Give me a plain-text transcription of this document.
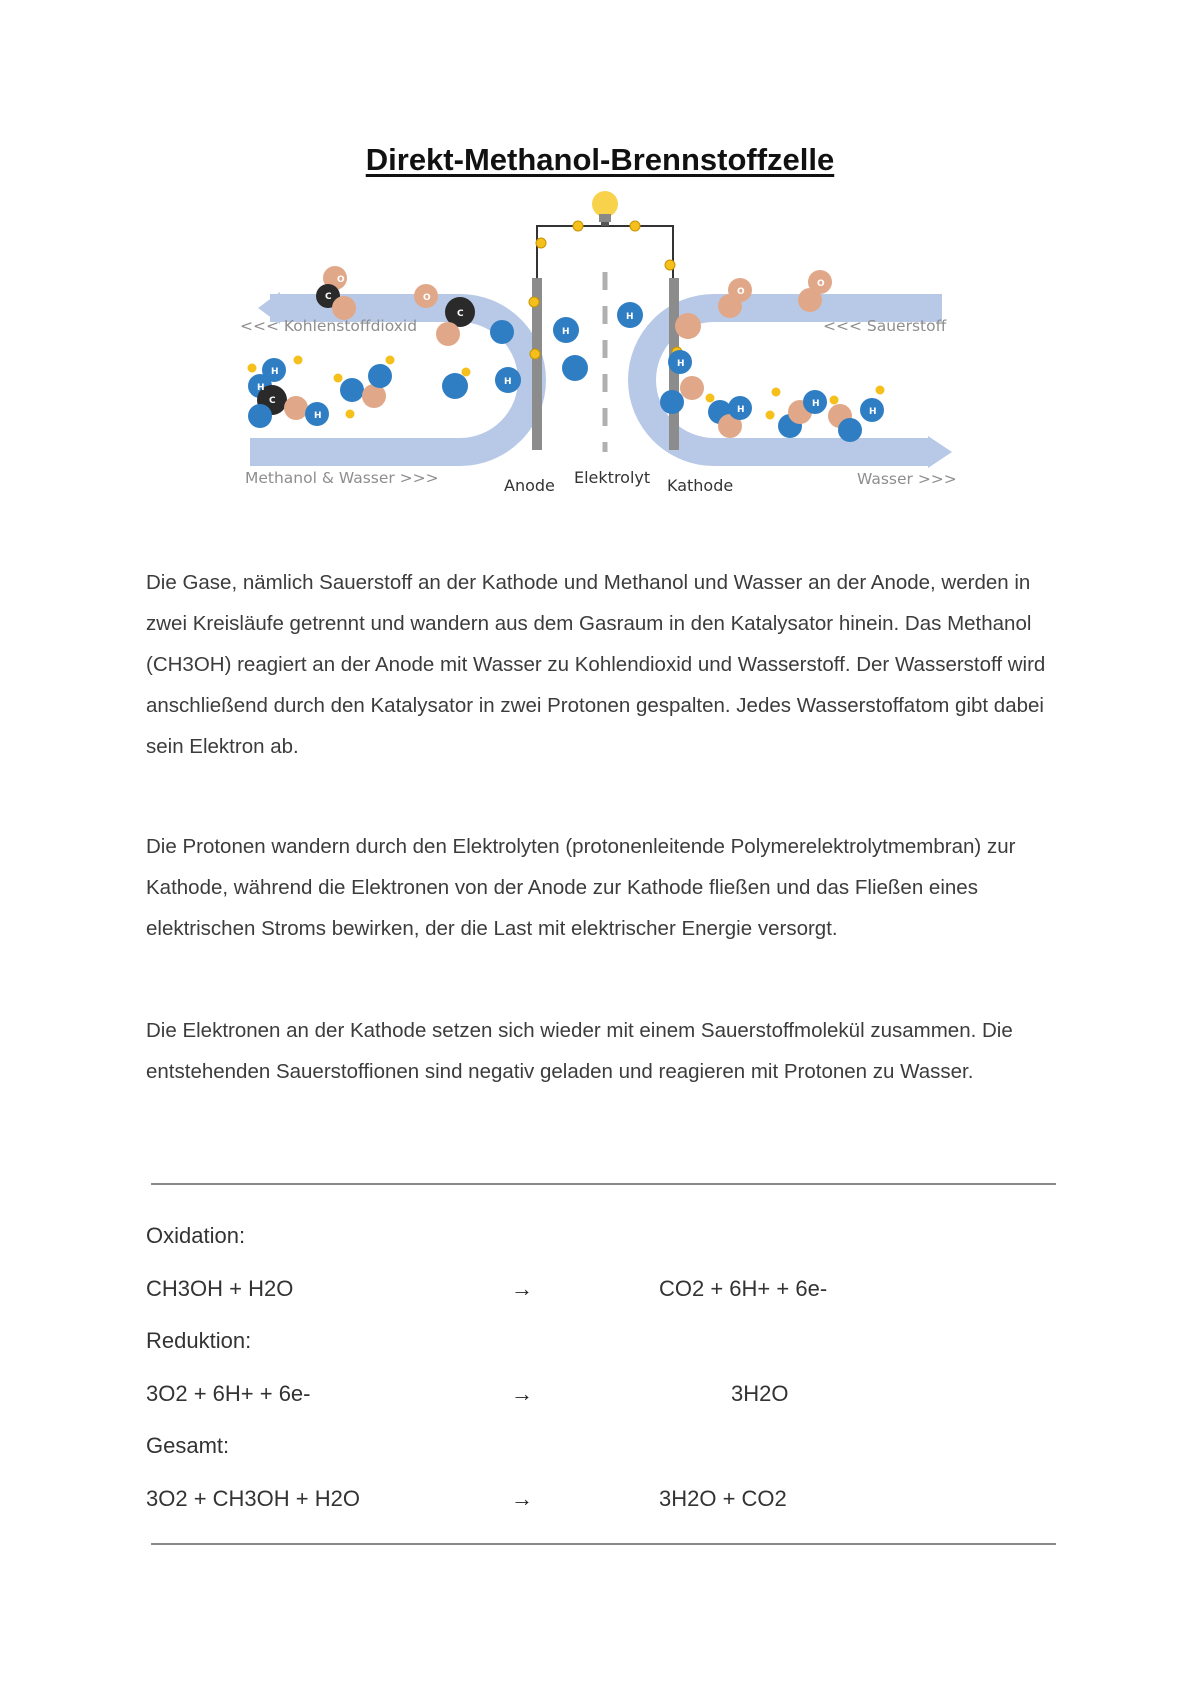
Direkt-Methanol-Brennstoffzelle
C
C
C
H
H
H
H
H
H
H
H
H
H
O
O
O
O
<<< Kohlenstoffdioxid	<<< Sauerstoff
Methanol & Wasser >>>	Wasser >>>
Anode Elektrolyt Kathode

Die Gase, nämlich Sauerstoff an der Kathode und Methanol und Wasser an der Anode, werden in zwei Kreisläufe getrennt und wandern aus dem Gasraum in den Katalysator hinein. Das Methanol (CH3OH) reagiert an der Anode mit Wasser zu Kohlendioxid und Wasserstoff. Der Wasserstoff wird anschließend durch den Katalysator in zwei Protonen gespalten. Jedes Wasserstoffatom gibt dabei sein Elektron ab.

Die Protonen wandern durch den Elektrolyten (protonenleitende Polymerelektrolytmembran) zur Kathode, während die Elektronen von der Anode zur Kathode fließen und das Fließen eines elektrischen Stroms bewirken, der die Last mit elektrischer Energie versorgt.

Die Elektronen an der Kathode setzen sich wieder mit einem Sauerstoffmolekül zusammen. Die entstehenden Sauerstoffionen sind negativ geladen und reagieren mit Protonen zu Wasser.

Oxidation:

CH3OH + H2O	→	CO2 + 6H+ + 6e-

Reduktion:

3O2 + 6H+ + 6e-	→	3H2O

Gesamt:

3O2 + CH3OH + H2O	→	3H2O + CO2
